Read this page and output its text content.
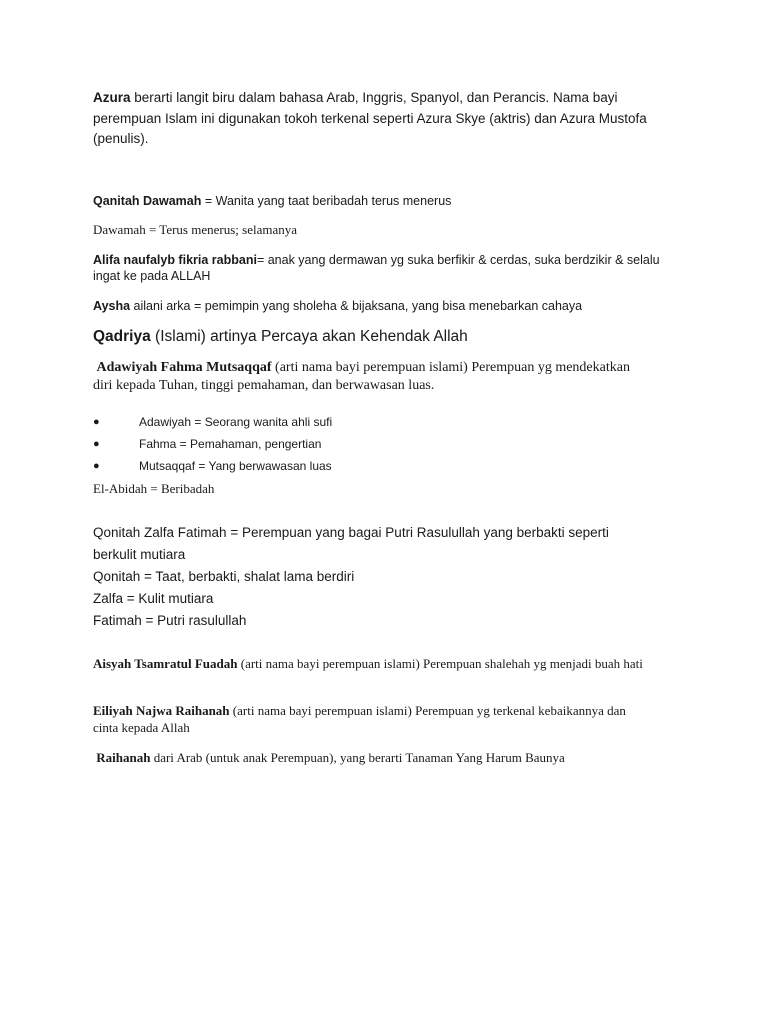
Azura berarti langit biru dalam bahasa Arab, Inggris, Spanyol, dan Perancis. Nama bayi perempuan Islam ini digunakan tokoh terkenal seperti Azura Skye (aktris) dan Azura Mustofa (penulis).
Qanitah Dawamah = Wanita yang taat beribadah terus menerus
Dawamah = Terus menerus; selamanya
Alifa naufalyb fikria rabbani= anak yang dermawan yg suka berfikir & cerdas, suka berdzikir & selalu ingat ke pada ALLAH
Aysha ailani arka = pemimpin yang sholeha & bijaksana, yang bisa menebarkan cahaya
Qadriya (Islami) artinya Percaya akan Kehendak Allah
Adawiyah Fahma Mutsaqqaf (arti nama bayi perempuan islami) Perempuan yg mendekatkan diri kepada Tuhan, tinggi pemahaman, dan berwawasan luas.
●	Adawiyah = Seorang wanita ahli sufi
●	Fahma = Pemahaman, pengertian
●	Mutsaqqaf = Yang berwawasan luas
El-Abidah = Beribadah
Qonitah Zalfa Fatimah = Perempuan yang bagai Putri Rasulullah yang berbakti seperti
berkulit mutiara
Qonitah = Taat, berbakti, shalat lama berdiri
Zalfa = Kulit mutiara
Fatimah = Putri rasulullah
Aisyah Tsamratul Fuadah (arti nama bayi perempuan islami) Perempuan shalehah yg menjadi buah hati
Eiliyah Najwa Raihanah (arti nama bayi perempuan islami) Perempuan yg terkenal kebaikannya dan cinta kepada Allah
Raihanah dari Arab (untuk anak Perempuan), yang berarti Tanaman Yang Harum Baunya
